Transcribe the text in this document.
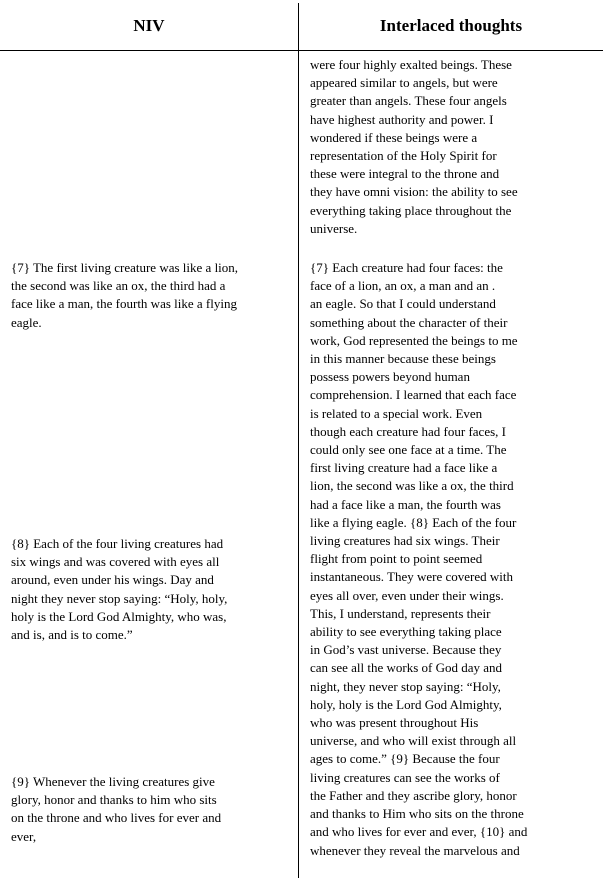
NIV	Interlaced thoughts

{7} The first living creature was like a lion,
the second was like an ox, the third had a
face like a man, the fourth was like a flying
eagle.

{8} Each of the four living creatures had
six wings and was covered with eyes all
around, even under his wings. Day and
night they never stop saying: “Holy, holy,
holy is the Lord God Almighty, who was,
and is, and is to come.”

{9} Whenever the living creatures give
glory, honor and thanks to him who sits
on the throne and who lives for ever and
ever,

were four highly exalted beings. These
appeared similar to angels, but were
greater than angels. These four angels
have highest authority and power. I
wondered if these beings were a
representation of the Holy Spirit for
these were integral to the throne and
they have omni vision: the ability to see
everything taking place throughout the
universe.

{7} Each creature had four faces: the
face of a lion, an ox, a man and an .
an eagle. So that I could understand
something about the character of their
work, God represented the beings to me
in this manner because these beings
possess powers beyond human
comprehension. I learned that each face
is related to a special work. Even
though each creature had four faces, I
could only see one face at a time. The
first living creature had a face like a
lion, the second was like a ox, the third
had a face like a man, the fourth was
like a flying eagle. {8} Each of the four
living creatures had six wings. Their
flight from point to point seemed
instantaneous. They were covered with
eyes all over, even under their wings.
This, I understand, represents their
ability to see everything taking place
in God’s vast universe. Because they
can see all the works of God day and
night, they never stop saying: “Holy,
holy, holy is the Lord God Almighty,
who was present throughout His
universe, and who will exist through all
ages to come.” {9} Because the four
living creatures can see the works of
the Father and they ascribe glory, honor
and thanks to Him who sits on the throne
and who lives for ever and ever, {10} and
whenever they reveal the marvelous and
